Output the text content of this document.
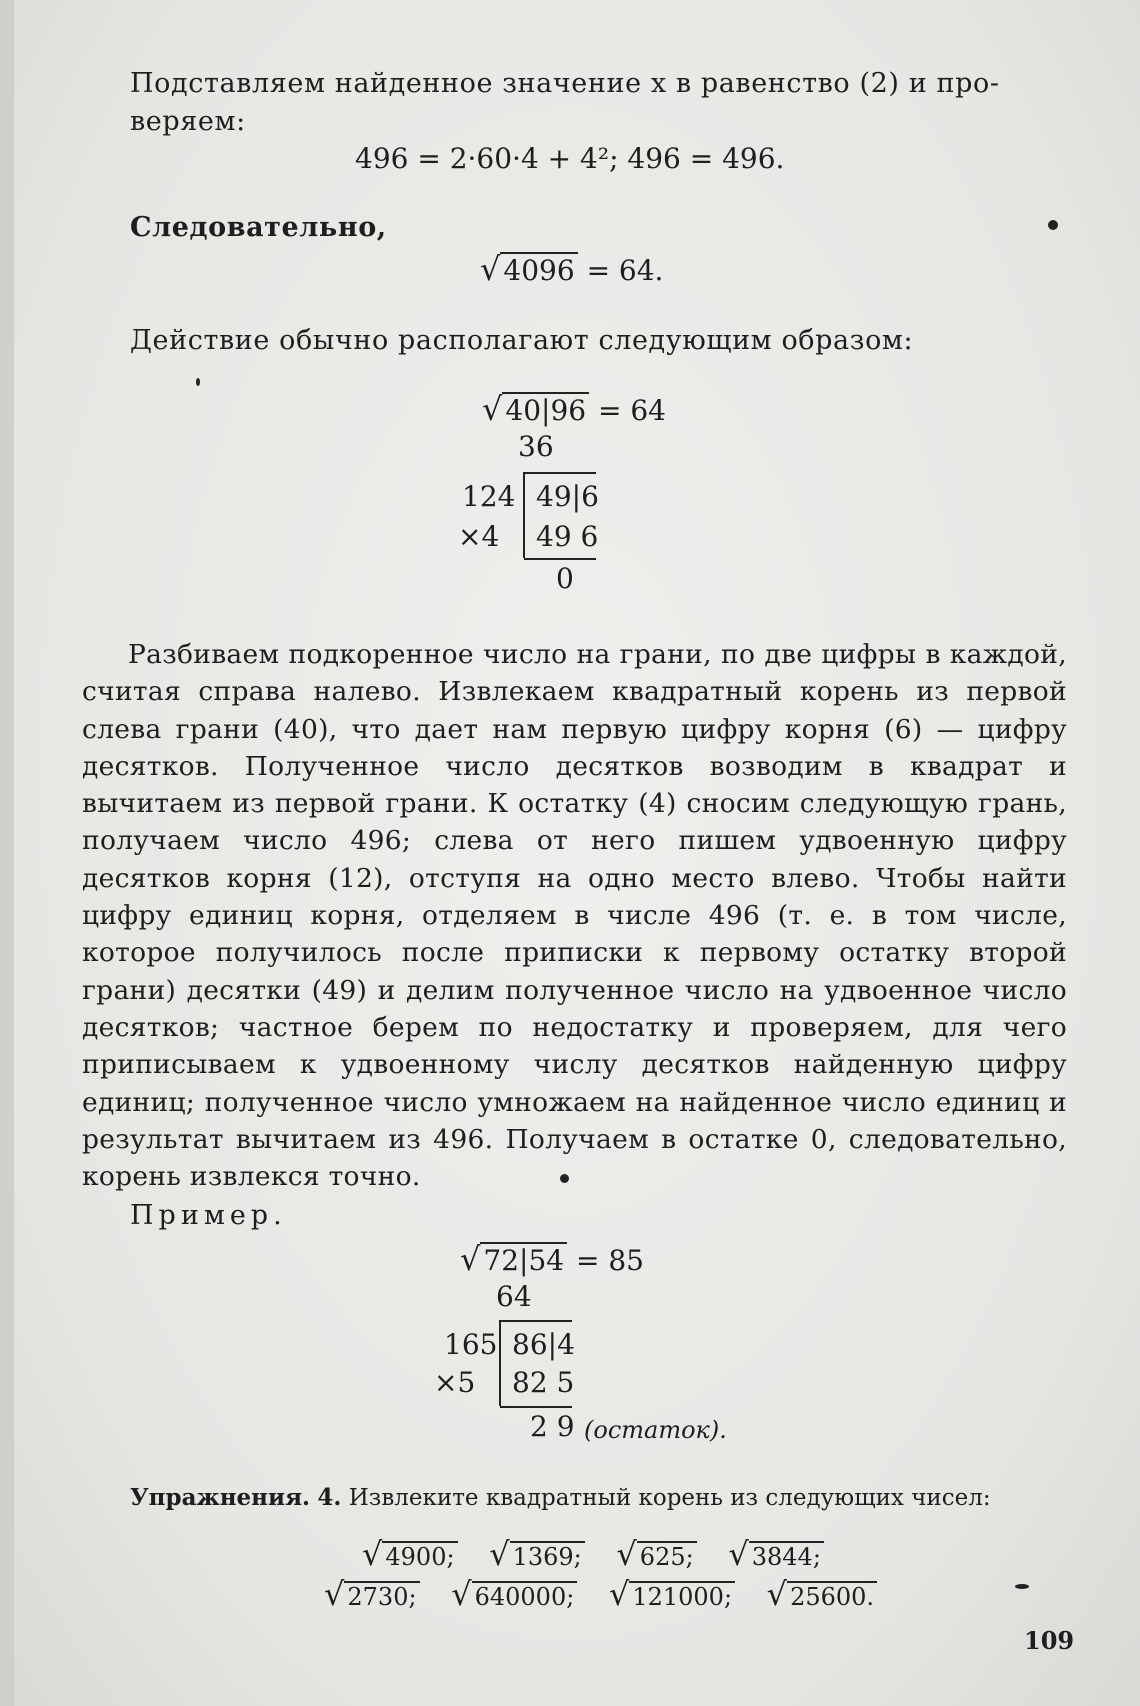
Подставляем найденное значение x в равенство (2) и про-
веряем:
496 = 2·60·4 + 4²; 496 = 496.
Следовательно,
√ 4096 = 64.
Действие обычно располагают следующим образом:
√ 40|96 = 64
36
124 49|6
×4 49 6
0
Разбиваем подкоренное число на грани, по две цифры в каждой, считая справа налево. Извлекаем квадратный корень из первой слева грани (40), что дает нам первую цифру корня (6) — цифру десятков. Полученное число десятков возводим в квадрат и вычитаем из первой грани. К остатку (4) сносим следующую грань, получаем число 496; слева от него пишем удвоенную цифру десятков корня (12), отступя на одно место влево. Чтобы найти цифру единиц корня, отделяем в числе 496 (т. е. в том числе, которое получилось после приписки к первому остатку второй грани) десятки (49) и делим полученное число на удвоенное число десятков; частное берем по недостатку и проверяем, для чего приписываем к удвоенному числу десятков найденную цифру единиц; полученное число умножаем на найденное число единиц и результат вычитаем из 496. Получаем в остатке 0, следовательно, корень извлекся точно.
Пример.
√ 72|54 = 85
64
165 86|4
×5 82 5
2 9 (остаток).
Упражнения. 4. Извлеките квадратный корень из следующих чисел:
√ 4900; √ 1369; √ 625; √ 3844;
√ 2730; √ 640000; √ 121000; √ 25600.
109
